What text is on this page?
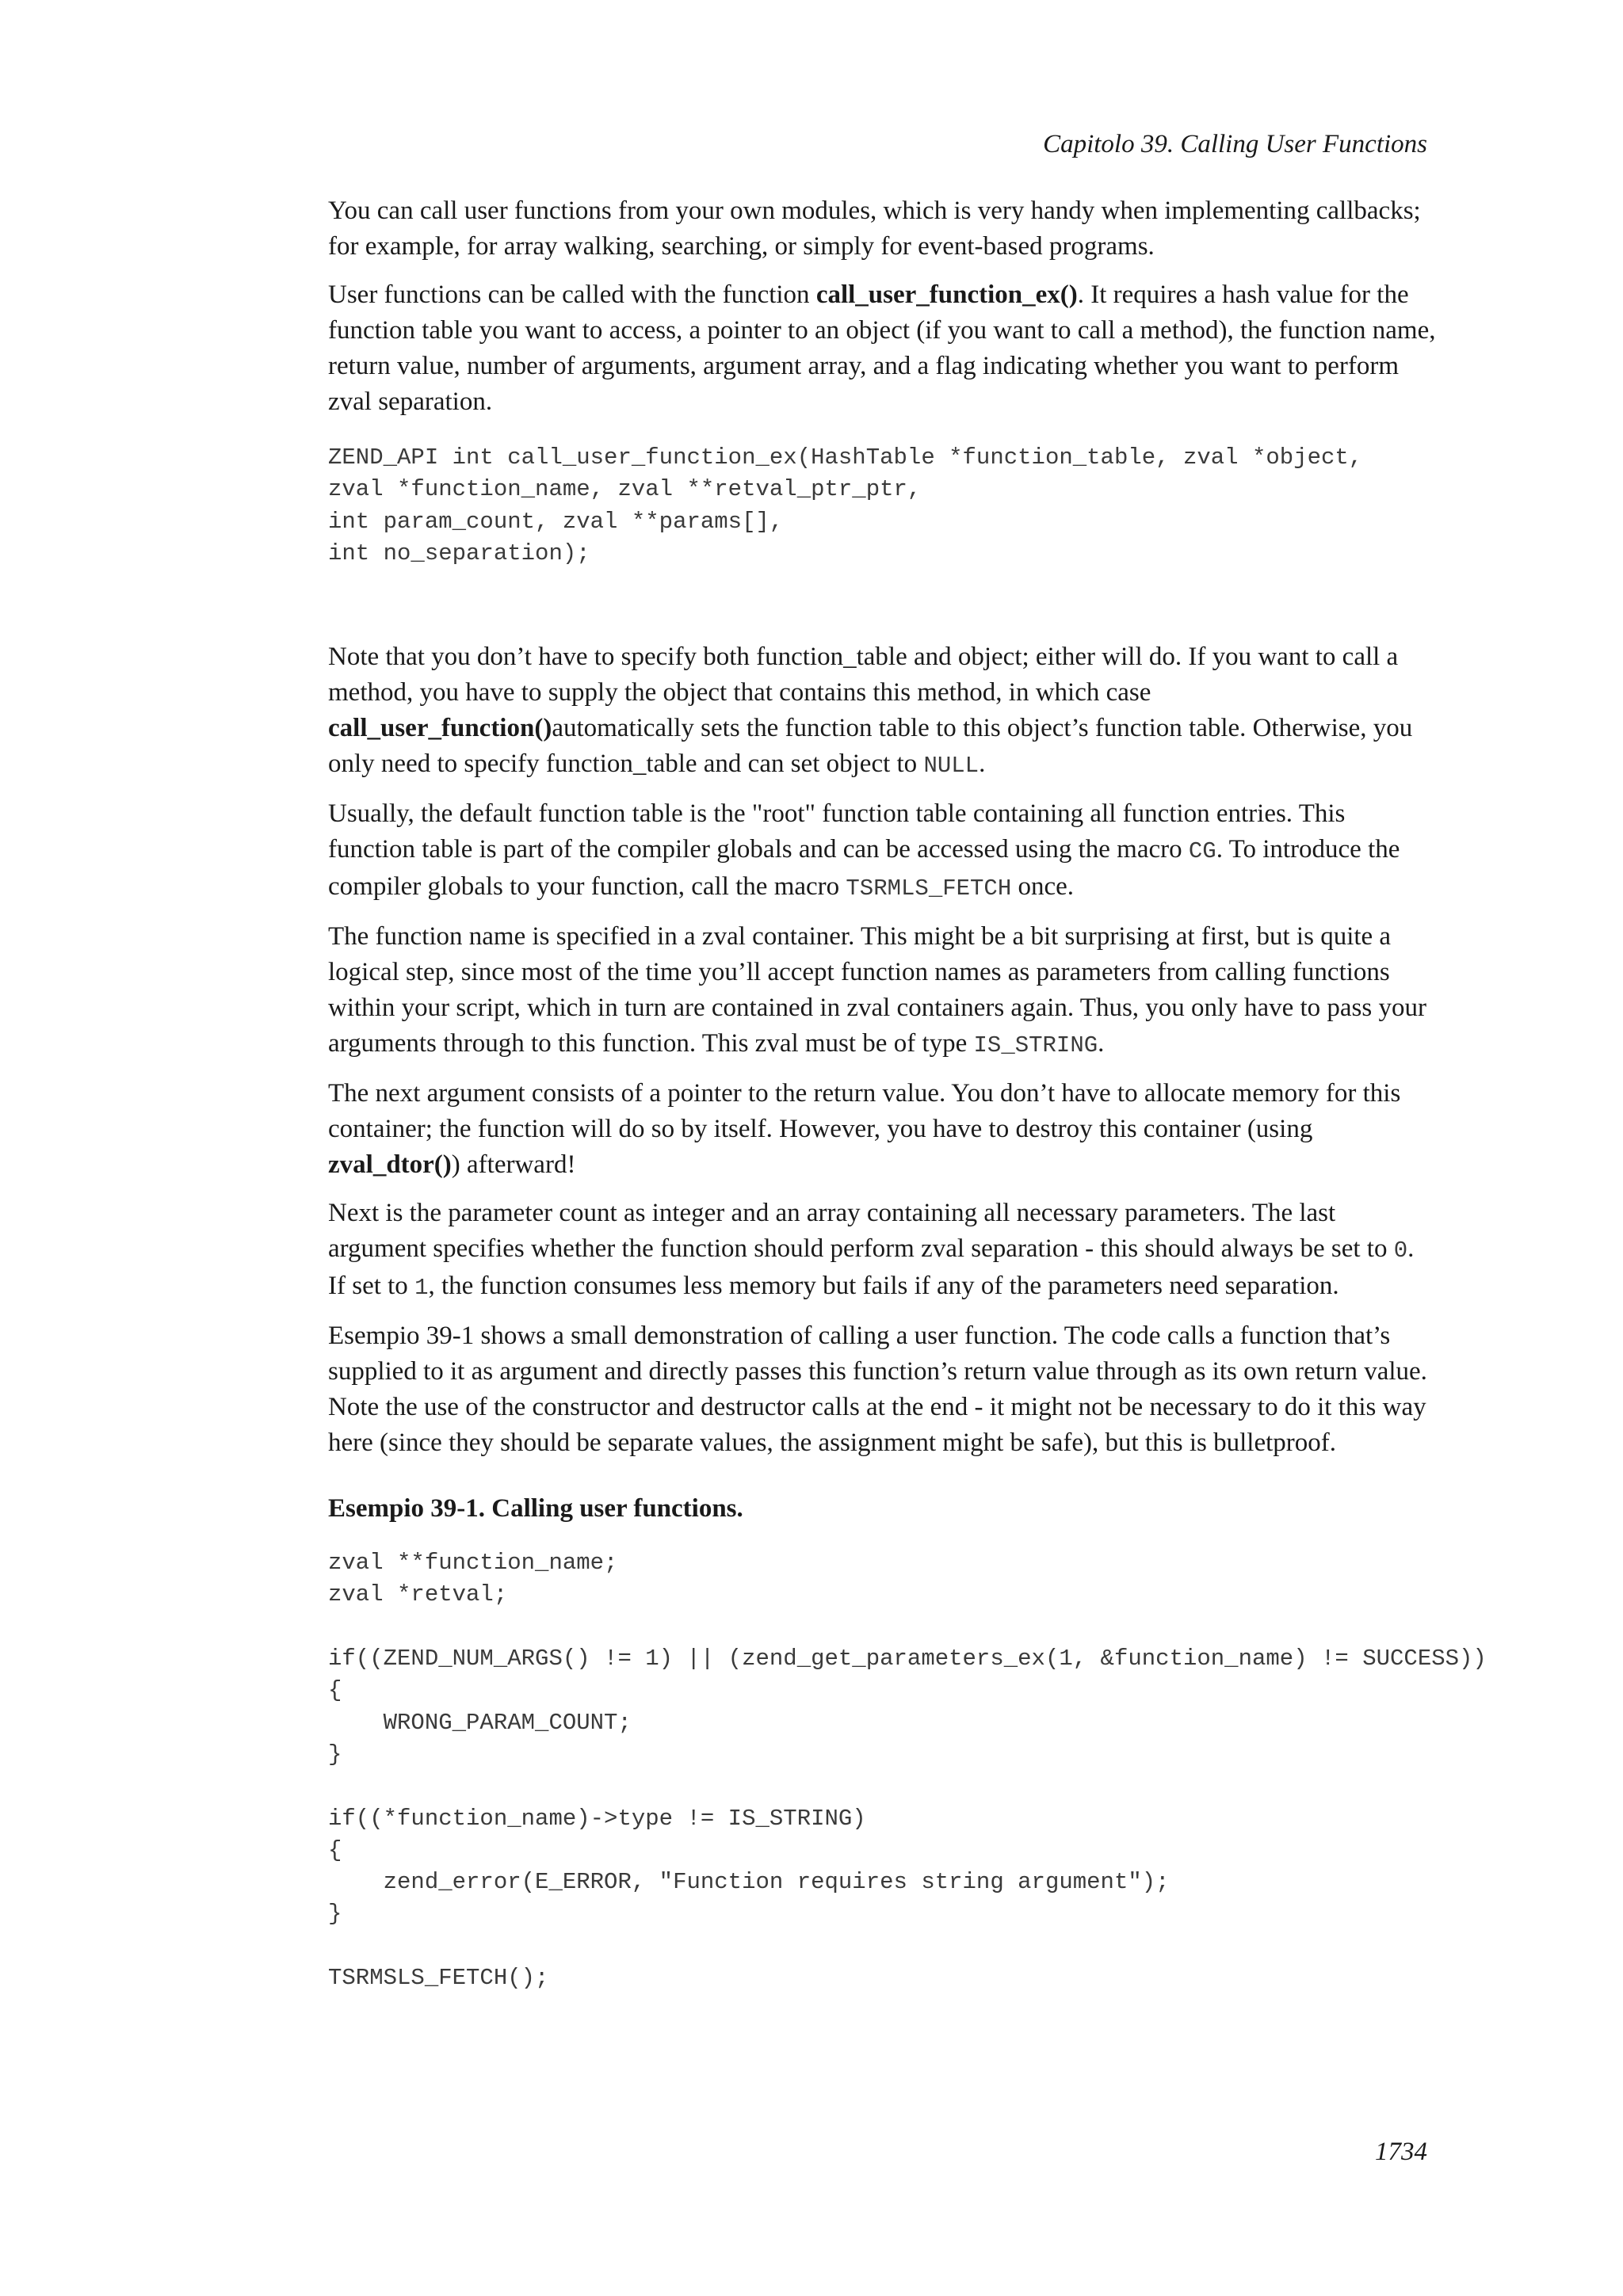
Capitolo 39. Calling User Functions

You can call user functions from your own modules, which is very handy when implementing callbacks; for example, for array walking, searching, or simply for event-based programs.

User functions can be called with the function call_user_function_ex(). It requires a hash value for the function table you want to access, a pointer to an object (if you want to call a method), the function name, return value, number of arguments, argument array, and a flag indicating whether you want to perform zval separation.

ZEND_API int call_user_function_ex(HashTable *function_table, zval *object,
zval *function_name, zval **retval_ptr_ptr,
int param_count, zval **params[],
int no_separation);

Note that you don’t have to specify both function_table and object; either will do. If you want to call a method, you have to supply the object that contains this method, in which case call_user_function()automatically sets the function table to this object’s function table. Otherwise, you only need to specify function_table and can set object to NULL.

Usually, the default function table is the "root" function table containing all function entries. This function table is part of the compiler globals and can be accessed using the macro CG. To introduce the compiler globals to your function, call the macro TSRMLS_FETCH once.

The function name is specified in a zval container. This might be a bit surprising at first, but is quite a logical step, since most of the time you’ll accept function names as parameters from calling functions within your script, which in turn are contained in zval containers again. Thus, you only have to pass your arguments through to this function. This zval must be of type IS_STRING.

The next argument consists of a pointer to the return value. You don’t have to allocate memory for this container; the function will do so by itself. However, you have to destroy this container (using zval_dtor()) afterward!

Next is the parameter count as integer and an array containing all necessary parameters. The last argument specifies whether the function should perform zval separation - this should always be set to 0. If set to 1, the function consumes less memory but fails if any of the parameters need separation.

Esempio 39-1 shows a small demonstration of calling a user function. The code calls a function that’s supplied to it as argument and directly passes this function’s return value through as its own return value. Note the use of the constructor and destructor calls at the end - it might not be necessary to do it this way here (since they should be separate values, the assignment might be safe), but this is bulletproof.

Esempio 39-1. Calling user functions.

zval **function_name;
zval *retval;

if((ZEND_NUM_ARGS() != 1) || (zend_get_parameters_ex(1, &function_name) != SUCCESS))
{
WRONG_PARAM_COUNT;
}

if((*function_name)->type != IS_STRING)
{
zend_error(E_ERROR, "Function requires string argument");
}

TSRMSLS_FETCH();
1734
